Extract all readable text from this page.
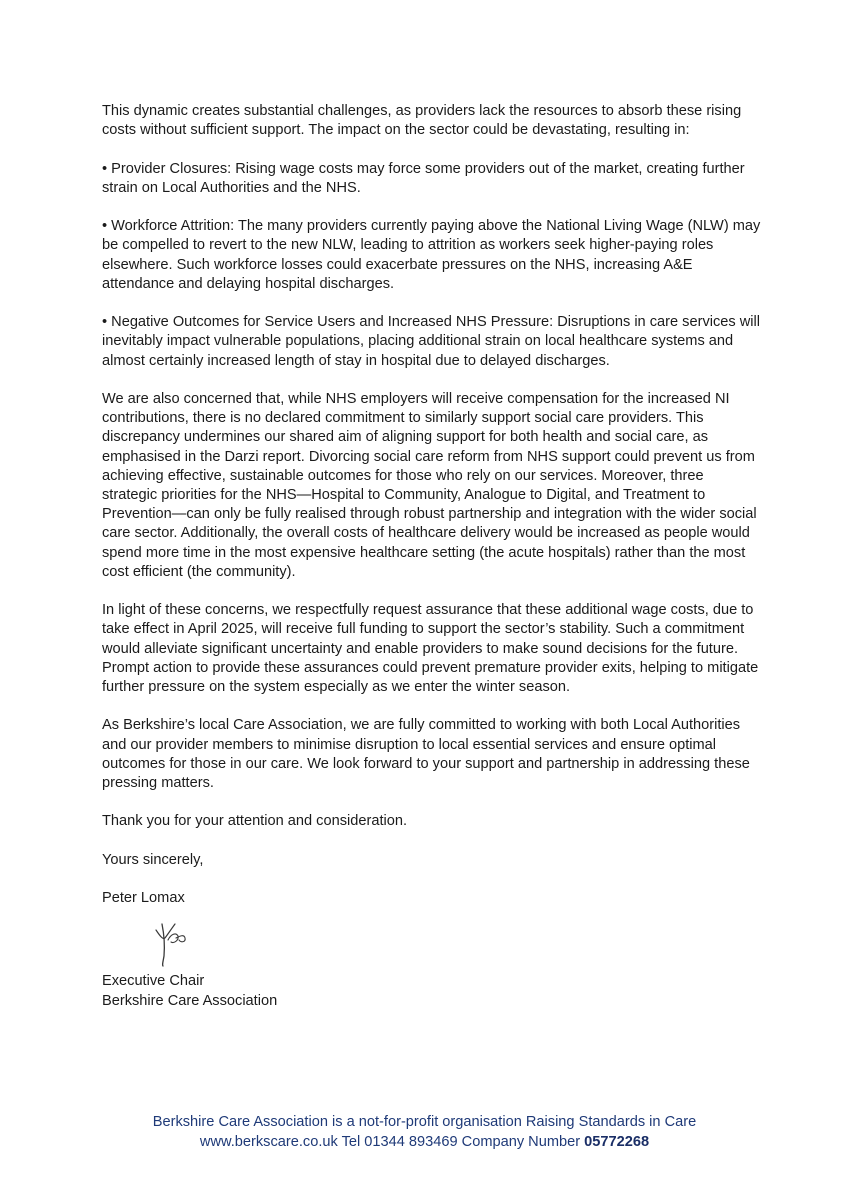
This dynamic creates substantial challenges, as providers lack the resources to absorb these rising costs without sufficient support. The impact on the sector could be devastating, resulting in:

• Provider Closures: Rising wage costs may force some providers out of the market, creating further strain on Local Authorities and the NHS.

• Workforce Attrition: The many providers currently paying above the National Living Wage (NLW) may be compelled to revert to the new NLW, leading to attrition as workers seek higher-paying roles elsewhere. Such workforce losses could exacerbate pressures on the NHS, increasing A&E attendance and delaying hospital discharges.

• Negative Outcomes for Service Users and Increased NHS Pressure: Disruptions in care services will inevitably impact vulnerable populations, placing additional strain on local healthcare systems and almost certainly increased length of stay in hospital due to delayed discharges.

We are also concerned that, while NHS employers will receive compensation for the increased NI contributions, there is no declared commitment to similarly support social care providers. This discrepancy undermines our shared aim of aligning support for both health and social care, as emphasised in the Darzi report. Divorcing social care reform from NHS support could prevent us from achieving effective, sustainable outcomes for those who rely on our services. Moreover, three strategic priorities for the NHS—Hospital to Community, Analogue to Digital, and Treatment to Prevention—can only be fully realised through robust partnership and integration with the wider social care sector. Additionally, the overall costs of healthcare delivery would be increased as people would spend more time in the most expensive healthcare setting (the acute hospitals) rather than the most cost efficient (the community).

In light of these concerns, we respectfully request assurance that these additional wage costs, due to take effect in April 2025, will receive full funding to support the sector’s stability. Such a commitment would alleviate significant uncertainty and enable providers to make sound decisions for the future. Prompt action to provide these assurances could prevent premature provider exits, helping to mitigate further pressure on the system especially as we enter the winter season.

As Berkshire’s local Care Association, we are fully committed to working with both Local Authorities and our provider members to minimise disruption to local essential services and ensure optimal outcomes for those in our care. We look forward to your support and partnership in addressing these pressing matters.

Thank you for your attention and consideration.

Yours sincerely,

Peter Lomax

Executive Chair

Berkshire Care Association

Berkshire Care Association is a not-for-profit organisation Raising Standards in Care
www.berkscare.co.uk Tel 01344 893469 Company Number 05772268
